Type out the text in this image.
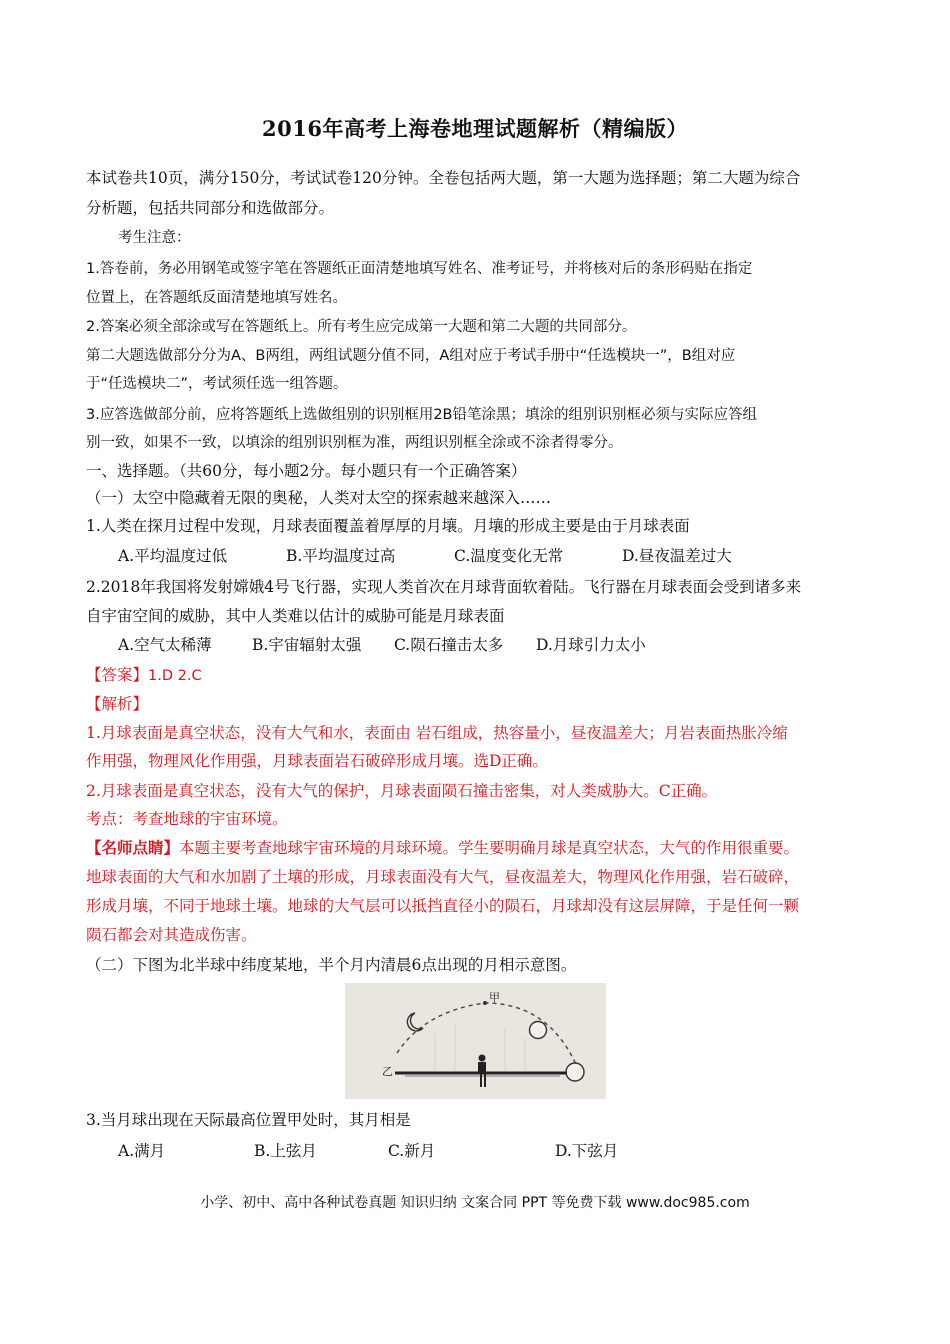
2016年高考上海卷地理试题解析（精编版）
本试卷共10页，满分150分，考试试卷120分钟。全卷包括两大题，第一大题为选择题；第二大题为综合
分析题，包括共同部分和选做部分。
考生注意：
1.答卷前，务必用钢笔或签字笔在答题纸正面清楚地填写姓名、准考证号，并将核对后的条形码贴在指定
位置上，在答题纸反面清楚地填写姓名。
2.答案必须全部涂或写在答题纸上。所有考生应完成第一大题和第二大题的共同部分。
第二大题选做部分分为A、B两组，两组试题分值不同，A组对应于考试手册中“任选模块一”，B组对应
于“任选模块二”，考试须任选一组答题。
3.应答选做部分前，应将答题纸上选做组别的识别框用2B铅笔涂黑；填涂的组别识别框必须与实际应答组
别一致，如果不一致，以填涂的组别识别框为准，两组识别框全涂或不涂者得零分。
一、选择题。（共60分，每小题2分。每小题只有一个正确答案）
（一）太空中隐藏着无限的奥秘，人类对太空的探索越来越深入……
1.人类在探月过程中发现，月球表面覆盖着厚厚的月壤。月壤的形成主要是由于月球表面
A.平均温度过低	B.平均温度过高	C.温度变化无常	D.昼夜温差过大
2.2018年我国将发射嫦娥4号飞行器，实现人类首次在月球背面软着陆。飞行器在月球表面会受到诸多来
自宇宙空间的威胁，其中人类难以估计的威胁可能是月球表面
A.空气太稀薄	B.宇宙辐射太强 C.陨石撞击太多 D.月球引力太小
【答案】1.D 2.C
【解析】
1.月球表面是真空状态，没有大气和水，表面由 岩石组成，热容量小，昼夜温差大；月岩表面热胀冷缩
作用强，物理风化作用强，月球表面岩石破碎形成月壤。选D正确。
2.月球表面是真空状态，没有大气的保护，月球表面陨石撞击密集，对人类威胁大。C正确。
考点：考查地球的宇宙环境。
【名师点睛】本题主要考查地球宇宙环境的月球环境。学生要明确月球是真空状态，大气的作用很重要。
地球表面的大气和水加剧了土壤的形成，月球表面没有大气，昼夜温差大，物理风化作用强，岩石破碎，
形成月壤，不同于地球土壤。地球的大气层可以抵挡直径小的陨石，月球却没有这层屏障，于是任何一颗
陨石都会对其造成伤害。
（二）下图为北半球中纬度某地，半个月内清晨6点出现的月相示意图。
甲
乙
3.当月球出现在天际最高位置甲处时，其月相是
A.满月	B.上弦月	C.新月	D.下弦月
小学、初中、高中各种试卷真题 知识归纳 文案合同 PPT 等免费下载 www.doc985.com
